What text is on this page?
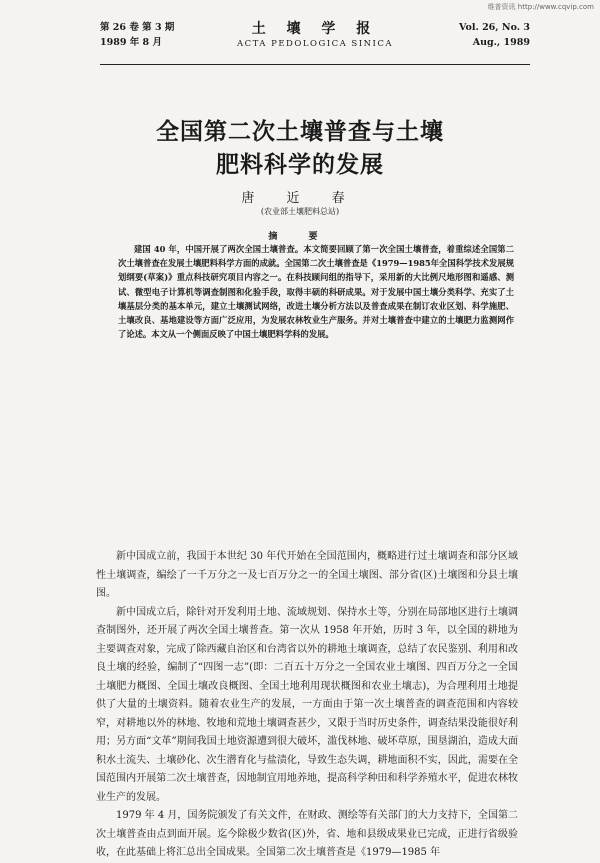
维普资讯 http://www.cqvip.com
第 26 卷 第 3 期
1989 年 8 月
土 壤 学 报
ACTA PEDOLOGICA SINICA
Vol. 26, No. 3
Aug., 1989
全国第二次土壤普查与土壤
肥料科学的发展
唐 近 春
(农业部土壤肥料总站)
摘 要
建国 40 年，中国开展了两次全国土壤普查。本文简要回顾了第一次全国土壤普查，着重综述全国第二次土壤普查在发展土壤肥料科学方面的成就。全国第二次土壤普查是《1979—1985年全国科学技术发展规划纲要(草案)》重点科技研究项目内容之一。在科技顾问组的指导下，采用新的大比例尺地形图和遥感、测试、微型电子计算机等调查制图和化验手段，取得丰硕的科研成果。对于发展中国土壤分类科学、充实了土壤基层分类的基本单元，建立土壤测试网络，改进土壤分析方法以及普查成果在制订农业区划、科学施肥、土壤改良、基地建设等方面广泛应用，为发展农林牧业生产服务。并对土壤普查中建立的土壤肥力监测网作了论述。本文从一个侧面反映了中国土壤肥料学科的发展。

新中国成立前，我国于本世纪 30 年代开始在全国范围内，概略进行过土壤调查和部分区域性土壤调查，编绘了一千万分之一及七百万分之一的全国土壤图、部分省(区)土壤图和分县土壤图。

新中国成立后，除针对开发利用土地、流域规划、保持水土等，分别在局部地区进行土壤调查制图外，还开展了两次全国土壤普查。第一次从 1958 年开始，历时 3 年，以全国的耕地为主要调查对象，完成了除西藏自治区和台湾省以外的耕地土壤调查，总结了农民鉴别、利用和改良土壤的经验，编制了“四图一志”(即：二百五十万分之一全国农业土壤图、四百万分之一全国土壤肥力概图、全国土壤改良概图、全国土地利用现状概图和农业土壤志)，为合理利用土地提供了大量的土壤资料。随着农业生产的发展，一方面由于第一次土壤普查的调查范围和内容较窄，对耕地以外的林地、牧地和荒地土壤调查甚少，又限于当时历史条件，调查结果没能很好利用；另方面“文革”期间我国土地资源遭到很大破坏，滥伐林地、破坏草原，围垦湖泊，造成大面积水土流失、土壤砂化、次生潜育化与盐渍化，导致生态失调，耕地面积不实，因此，需要在全国范围内开展第二次土壤普查，因地制宜用地养地，提高科学种田和科学养殖水平，促进农林牧业生产的发展。

1979 年 4 月，国务院颁发了有关文件，在财政、测绘等有关部门的大力支持下，全国第二次土壤普查由点到面开展。迄今除极少数省(区)外，省、地和县级成果业已完成，正进行省级验收，在此基础上将汇总出全国成果。全国第二次土壤普查是《1979—1985 年
